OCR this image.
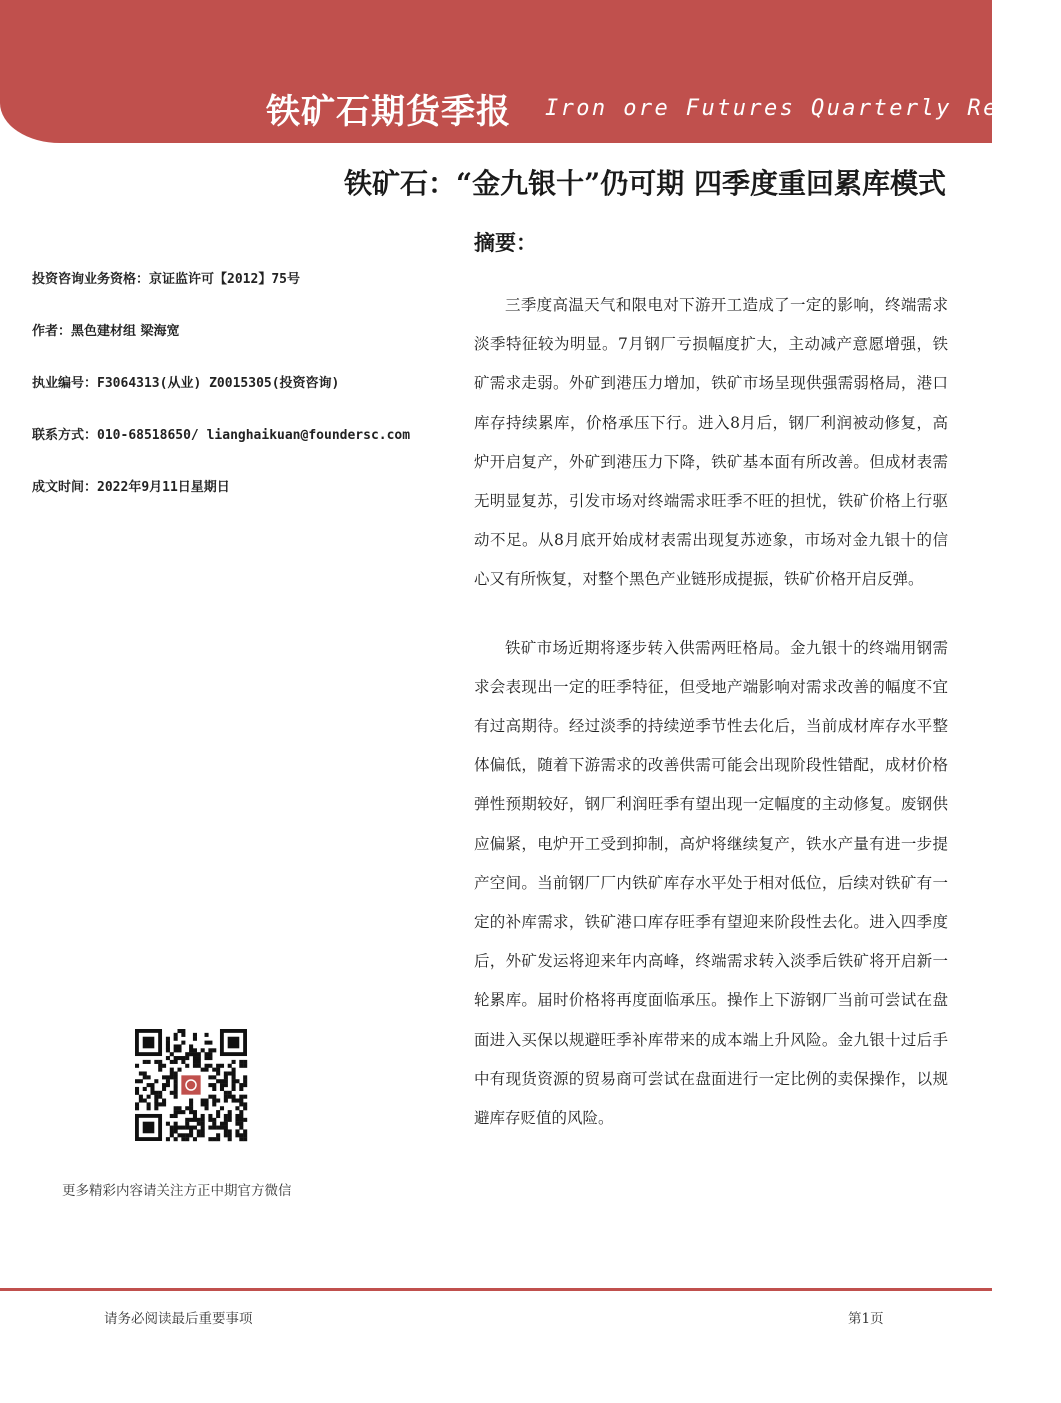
铁矿石期货季报 Iron ore Futures Quarterly Report
铁矿石：“金九银十”仍可期 四季度重回累库模式
摘要：
投资咨询业务资格：京证监许可【2012】75号
作者：黑色建材组 梁海宽
执业编号：F3064313(从业) Z0015305(投资咨询)
联系方式：010-68518650/ lianghaikuan@foundersc.com
成文时间：2022年9月11日星期日

三季度高温天气和限电对下游开工造成了一定的影响，终端需求淡季特征较为明显。7月钢厂亏损幅度扩大，主动减产意愿增强，铁矿需求走弱。外矿到港压力增加，铁矿市场呈现供强需弱格局，港口库存持续累库，价格承压下行。进入8月后，钢厂利润被动修复，高炉开启复产，外矿到港压力下降，铁矿基本面有所改善。但成材表需无明显复苏，引发市场对终端需求旺季不旺的担忧，铁矿价格上行驱动不足。从8月底开始成材表需出现复苏迹象，市场对金九银十的信心又有所恢复，对整个黑色产业链形成提振，铁矿价格开启反弹。

铁矿市场近期将逐步转入供需两旺格局。金九银十的终端用钢需求会表现出一定的旺季特征，但受地产端影响对需求改善的幅度不宜有过高期待。经过淡季的持续逆季节性去化后，当前成材库存水平整体偏低，随着下游需求的改善供需可能会出现阶段性错配，成材价格弹性预期较好，钢厂利润旺季有望出现一定幅度的主动修复。废钢供应偏紧，电炉开工受到抑制，高炉将继续复产，铁水产量有进一步提产空间。当前钢厂厂内铁矿库存水平处于相对低位，后续对铁矿有一定的补库需求，铁矿港口库存旺季有望迎来阶段性去化。进入四季度后，外矿发运将迎来年内高峰，终端需求转入淡季后铁矿将开启新一轮累库。届时价格将再度面临承压。操作上下游钢厂当前可尝试在盘面进入买保以规避旺季补库带来的成本端上升风险。金九银十过后手中有现货资源的贸易商可尝试在盘面进行一定比例的卖保操作，以规避库存贬值的风险。

更多精彩内容请关注方正中期官方微信
请务必阅读最后重要事项	第1页
